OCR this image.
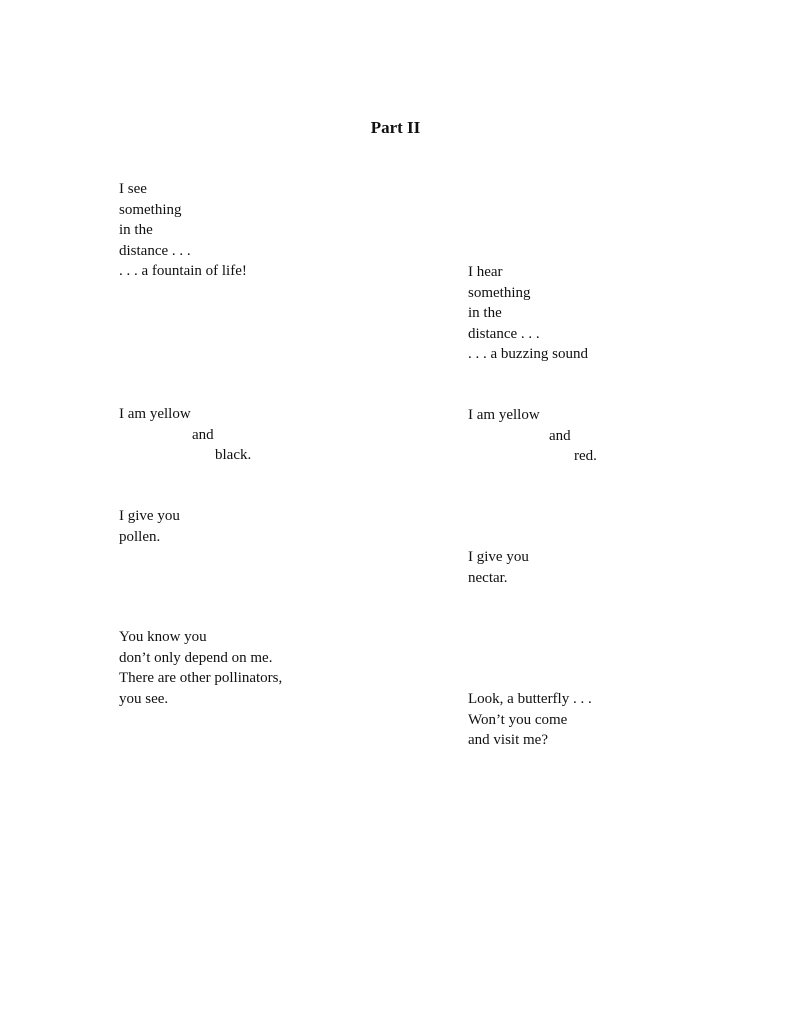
Part II
I see
something
in the
distance . . .
. . . a fountain of life!
I am yellow
and
black.
I give you
pollen.
You know you
don’t only depend on me.
There are other pollinators,
you see.
I hear
something
in the
distance . . .
. . . a buzzing sound
I am yellow
and
red.
I give you
nectar.
Look, a butterfly . . .
Won’t you come
and visit me?
